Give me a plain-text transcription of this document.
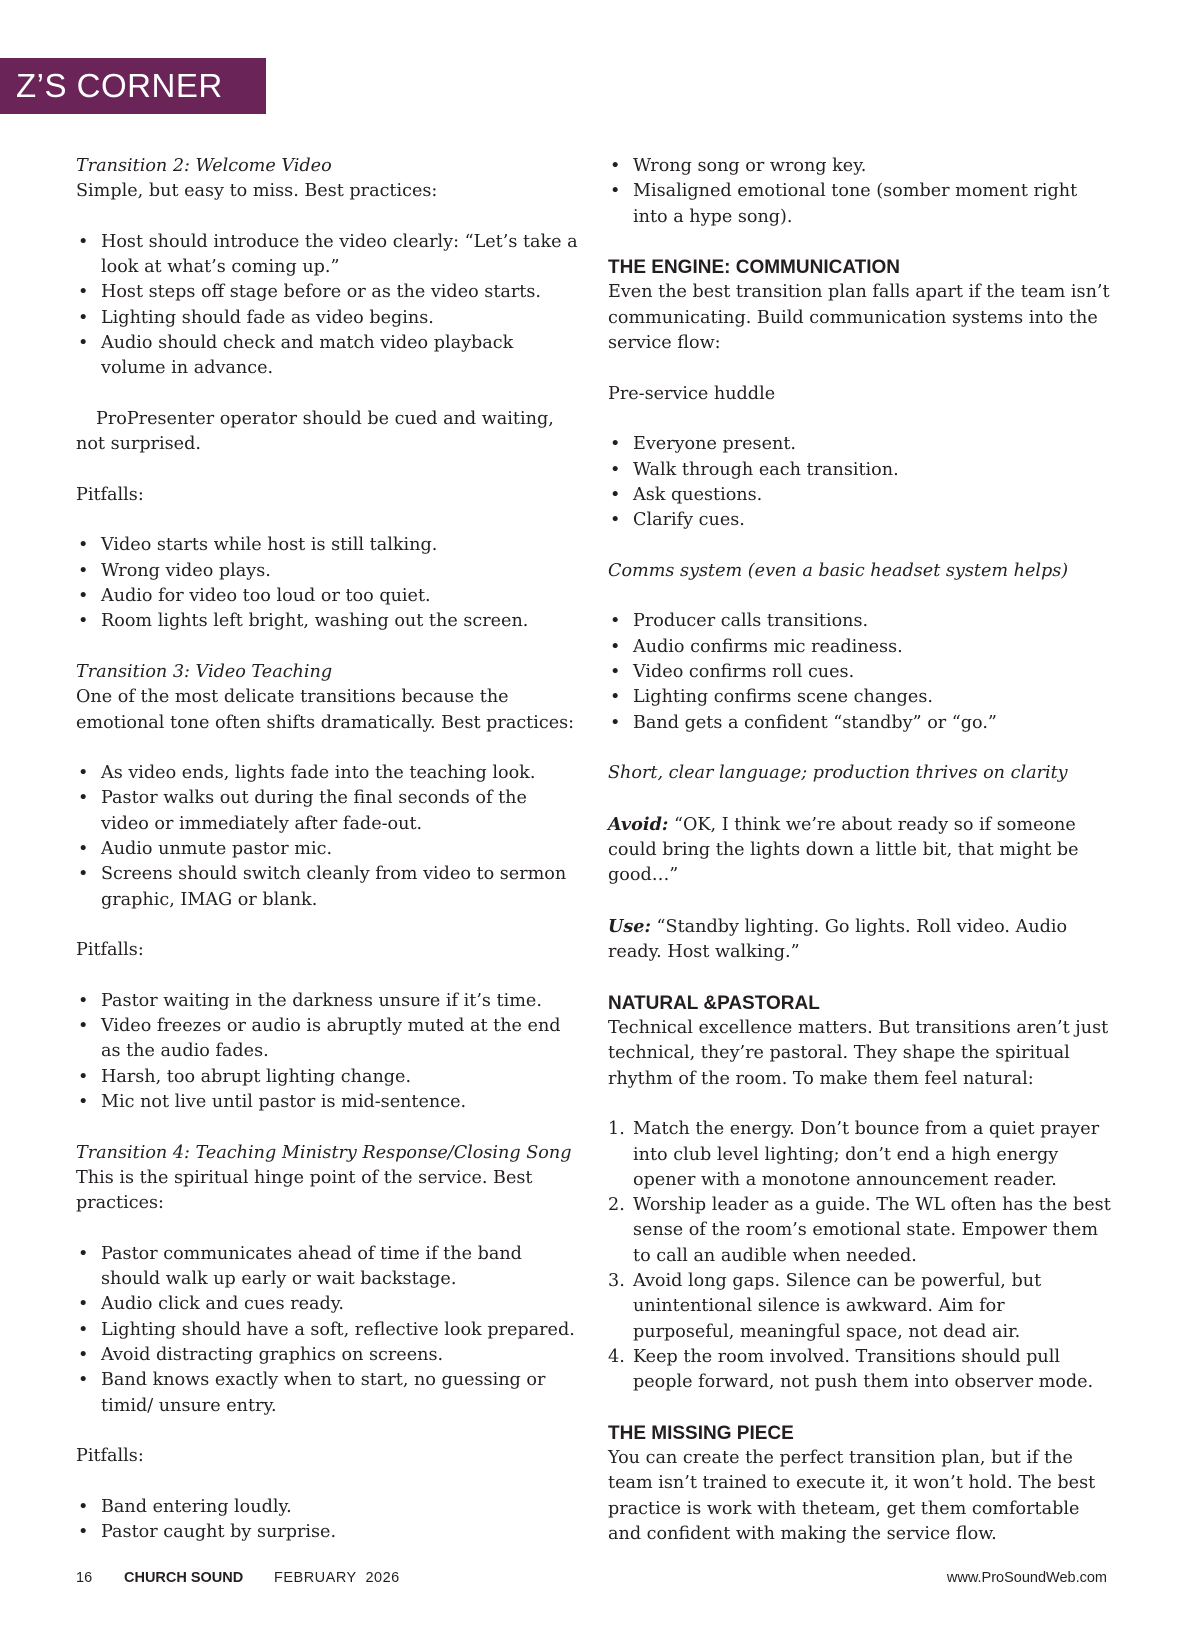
Z’S CORNER

Transition 2: Welcome Video

Simple, but easy to miss. Best practices:

• Host should introduce the video clearly: “Let’s take a look at what’s coming up.”
• Host steps off stage before or as the video starts.
• Lighting should fade as video begins.
• Audio should check and match video playback volume in advance.

ProPresenter operator should be cued and waiting, not surprised.

Pitfalls:

• Video starts while host is still talking.
• Wrong video plays.
• Audio for video too loud or too quiet.
• Room lights left bright, washing out the screen.

Transition 3: Video Teaching

One of the most delicate transitions because the emotional tone often shifts dramatically. Best practices:

• As video ends, lights fade into the teaching look.
• Pastor walks out during the final seconds of the video or immediately after fade-out.
• Audio unmute pastor mic.
• Screens should switch cleanly from video to sermon graphic, IMAG or blank.

Pitfalls:

• Pastor waiting in the darkness unsure if it’s time.
• Video freezes or audio is abruptly muted at the end as the audio fades.
• Harsh, too abrupt lighting change.
• Mic not live until pastor is mid-sentence.

Transition 4: Teaching Ministry Response/Closing Song

This is the spiritual hinge point of the service. Best practices:

• Pastor communicates ahead of time if the band should walk up early or wait backstage.
• Audio click and cues ready.
• Lighting should have a soft, reflective look prepared.
• Avoid distracting graphics on screens.
• Band knows exactly when to start, no guessing or timid/ unsure entry.

Pitfalls:

• Band entering loudly.
• Pastor caught by surprise.
• Wrong song or wrong key.
• Misaligned emotional tone (somber moment right into a hype song).
THE ENGINE: COMMUNICATION

Even the best transition plan falls apart if the team isn’t communicating. Build communication systems into the service flow:

Pre-service huddle

• Everyone present.
• Walk through each transition.
• Ask questions.
• Clarify cues.

Comms system (even a basic headset system helps)

• Producer calls transitions.
• Audio confirms mic readiness.
• Video confirms roll cues.
• Lighting confirms scene changes.
• Band gets a confident “standby” or “go.”

Short, clear language; production thrives on clarity

Avoid: “OK, I think we’re about ready so if someone could bring the lights down a little bit, that might be good…”

Use: “Standby lighting. Go lights. Roll video. Audio ready. Host walking.”

NATURAL &PASTORAL

Technical excellence matters. But transitions aren’t just technical, they’re pastoral. They shape the spiritual rhythm of the room. To make them feel natural:

1. Match the energy. Don’t bounce from a quiet prayer into club level lighting; don’t end a high energy opener with a monotone announcement reader.
2. Worship leader as a guide. The WL often has the best sense of the room’s emotional state. Empower them to call an audible when needed.
3. Avoid long gaps. Silence can be powerful, but unintentional silence is awkward. Aim for purposeful, meaningful space, not dead air.
4. Keep the room involved. Transitions should pull people forward, not push them into observer mode.
THE MISSING PIECE

You can create the perfect transition plan, but if the team isn’t trained to execute it, it won’t hold. The best practice is work with theteam, get them comfortable and confident with making the service flow.

16 CHURCH SOUND FEBRUARY  2026	www.ProSoundWeb.com
